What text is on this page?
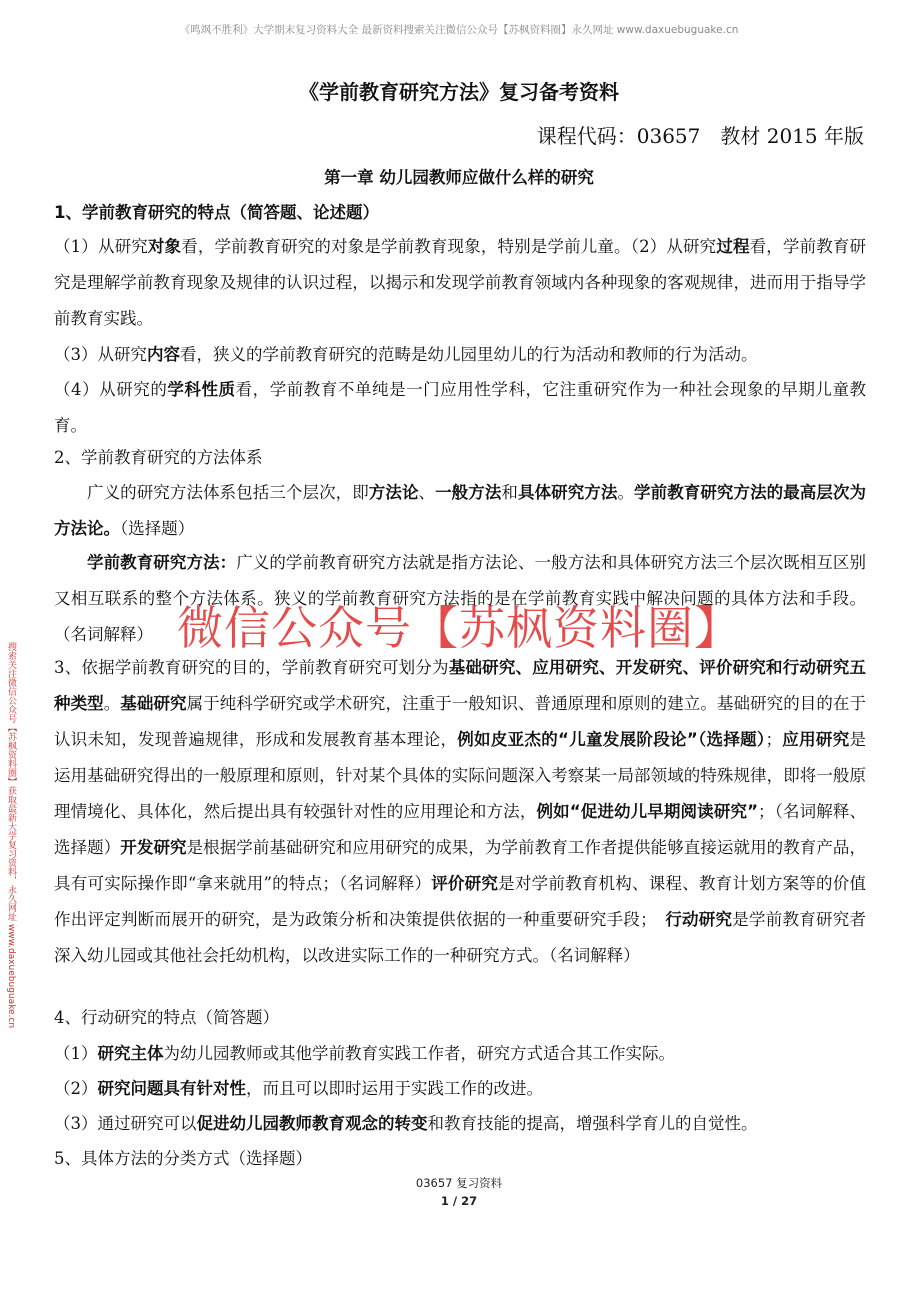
《鸣飒不胜利》大学期末复习资料大全 最新资料搜索关注微信公众号【苏枫资料圈】永久网址 www.daxuebuguake.cn
《学前教育研究方法》复习备考资料
课程代码：03657　教材 2015 年版
第一章 幼儿园教师应做什么样的研究

1、学前教育研究的特点（简答题、论述题）

（1）从研究对象看，学前教育研究的对象是学前教育现象，特别是学前儿童。（2）从研究过程看，学前教育研究是理解学前教育现象及规律的认识过程，以揭示和发现学前教育领域内各种现象的客观规律，进而用于指导学前教育实践。

（3）从研究内容看，狭义的学前教育研究的范畴是幼儿园里幼儿的行为活动和教师的行为活动。

（4）从研究的学科性质看，学前教育不单纯是一门应用性学科，它注重研究作为一种社会现象的早期儿童教育。

2、学前教育研究的方法体系

广义的研究方法体系包括三个层次，即方法论、一般方法和具体研究方法。学前教育研究方法的最高层次为方法论。（选择题）

学前教育研究方法：广义的学前教育研究方法就是指方法论、一般方法和具体研究方法三个层次既相互区别又相互联系的整个方法体系。狭义的学前教育研究方法指的是在学前教育实践中解决问题的具体方法和手段。（名词解释）

3、依据学前教育研究的目的，学前教育研究可划分为基础研究、应用研究、开发研究、评价研究和行动研究五种类型。基础研究属于纯科学研究或学术研究，注重于一般知识、普通原理和原则的建立。基础研究的目的在于认识未知，发现普遍规律，形成和发展教育基本理论，例如皮亚杰的“儿童发展阶段论”（选择题）；应用研究是运用基础研究得出的一般原理和原则，针对某个具体的实际问题深入考察某一局部领域的特殊规律，即将一般原理情境化、具体化，然后提出具有较强针对性的应用理论和方法，例如“促进幼儿早期阅读研究”；（名词解释、选择题）开发研究是根据学前基础研究和应用研究的成果，为学前教育工作者提供能够直接运就用的教育产品，具有可实际操作即“拿来就用”的特点；（名词解释）评价研究是对学前教育机构、课程、教育计划方案等的价值作出评定判断而展开的研究，是为政策分析和决策提供依据的一种重要研究手段；　行动研究是学前教育研究者深入幼儿园或其他社会托幼机构，以改进实际工作的一种研究方式。（名词解释）

4、行动研究的特点（简答题）

（1）研究主体为幼儿园教师或其他学前教育实践工作者，研究方式适合其工作实际。

（2）研究问题具有针对性，而且可以即时运用于实践工作的改进。

（3）通过研究可以促进幼儿园教师教育观念的转变和教育技能的提高，增强科学育儿的自觉性。

5、具体方法的分类方式（选择题）

微信公众号【苏枫资料圈】
搜索关注微信公众号【苏枫资料圈】获取最新大学复习资料，永久网址 www.daxuebuguake.cn
03657 复习资料
1 / 27
